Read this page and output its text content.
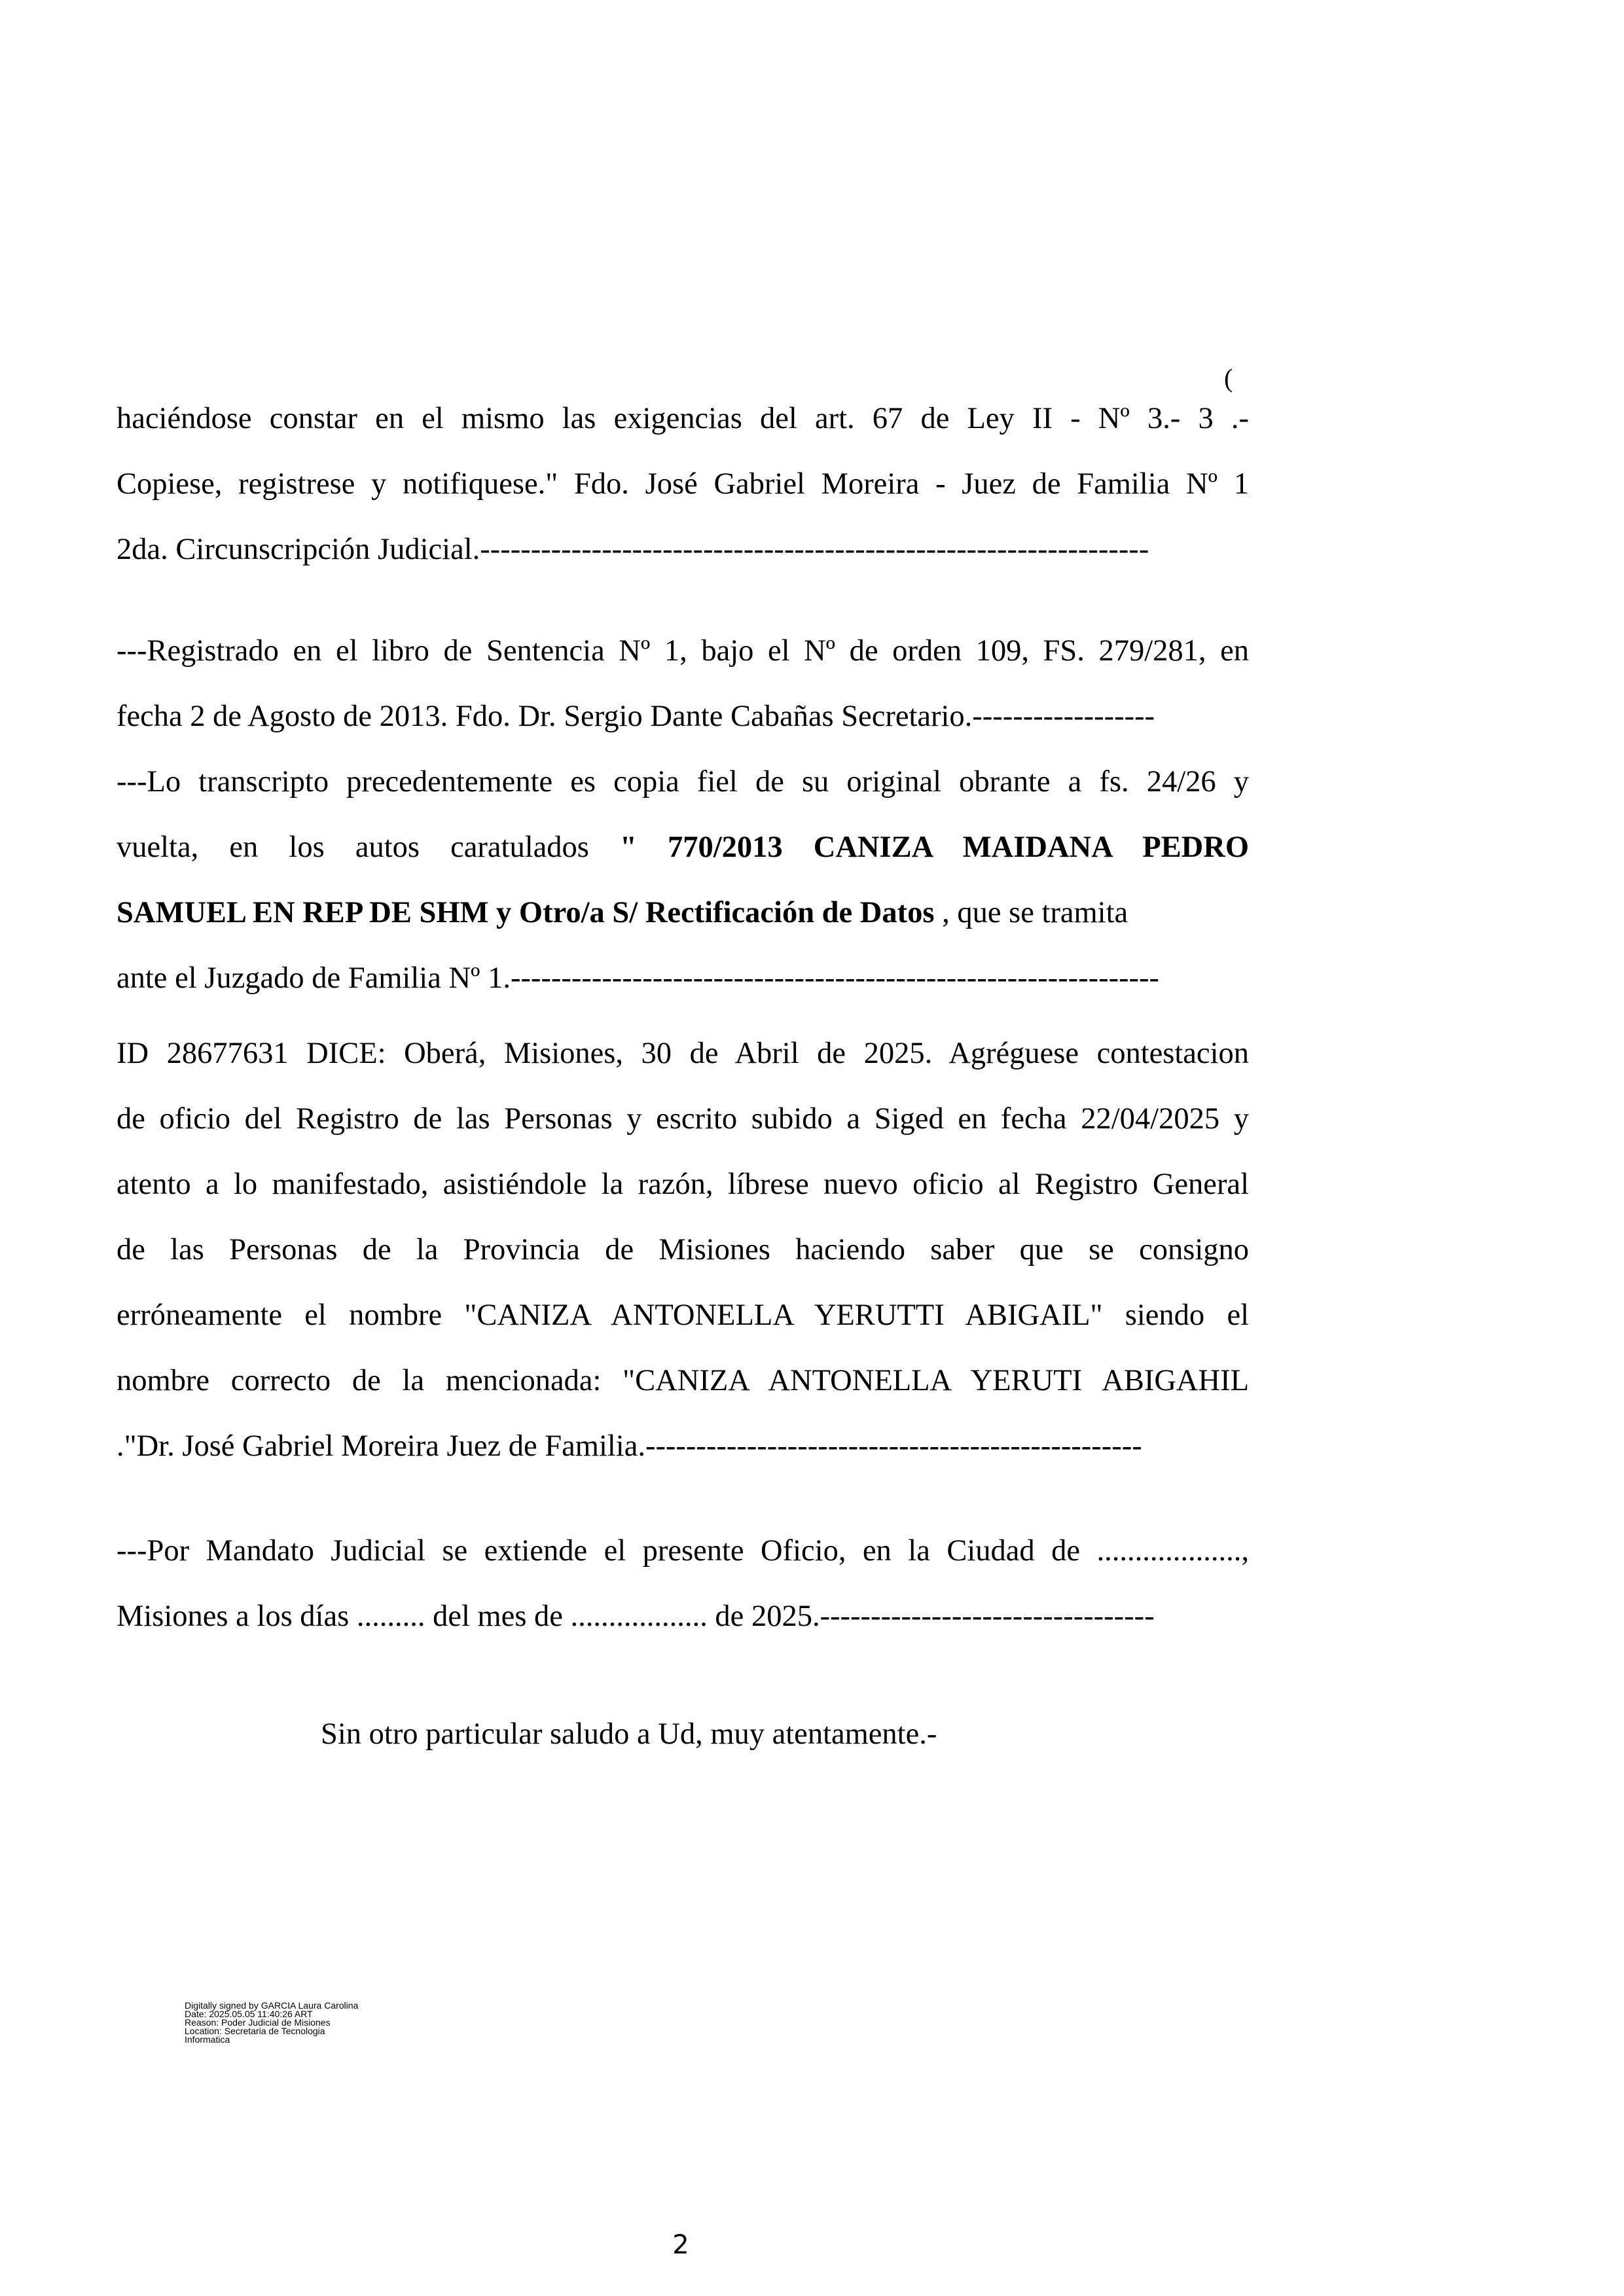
haciéndose constar en el mismo las exigencias del art. 67 de Ley II - Nº 3.- 3 .-
Copiese, registrese y notifiquese." Fdo. José Gabriel Moreira - Juez de Familia Nº 1
2da. Circunscripción Judicial.------------------------------------------------------------------
(
---Registrado en el libro de Sentencia Nº 1, bajo el Nº de orden 109, FS. 279/281, en
fecha 2 de Agosto de 2013. Fdo. Dr. Sergio Dante Cabañas Secretario.------------------
---Lo transcripto precedentemente es copia fiel de su original obrante a fs. 24/26 y
vuelta, en los autos caratulados " 770/2013 CANIZA MAIDANA PEDRO
SAMUEL EN REP DE SHM y Otro/a S/ Rectificación de Datos , que se tramita
ante el Juzgado de Familia Nº 1.----------------------------------------------------------------
ID 28677631 DICE: Oberá, Misiones, 30 de Abril de 2025. Agréguese contestacion
de oficio del Registro de las Personas y escrito subido a Siged en fecha 22/04/2025 y
atento a lo manifestado, asistiéndole la razón, líbrese nuevo oficio al Registro General
de las Personas de la Provincia de Misiones haciendo saber que se consigno
erróneamente el nombre "CANIZA ANTONELLA YERUTTI ABIGAIL" siendo el
nombre correcto de la mencionada: "CANIZA ANTONELLA YERUTI ABIGAHIL
."Dr. José Gabriel Moreira Juez de Familia.-------------------------------------------------
---Por Mandato Judicial se extiende el presente Oficio, en la Ciudad de ...................,
Misiones a los días ......... del mes de .................. de 2025.---------------------------------
Sin otro particular saludo a Ud, muy atentamente.-
Digitally signed by GARCIA Laura Carolina
Date: 2025.05.05 11:40:26 ART
Reason: Poder Judicial de Misiones
Location: Secretaria de Tecnologia
Informatica
2
